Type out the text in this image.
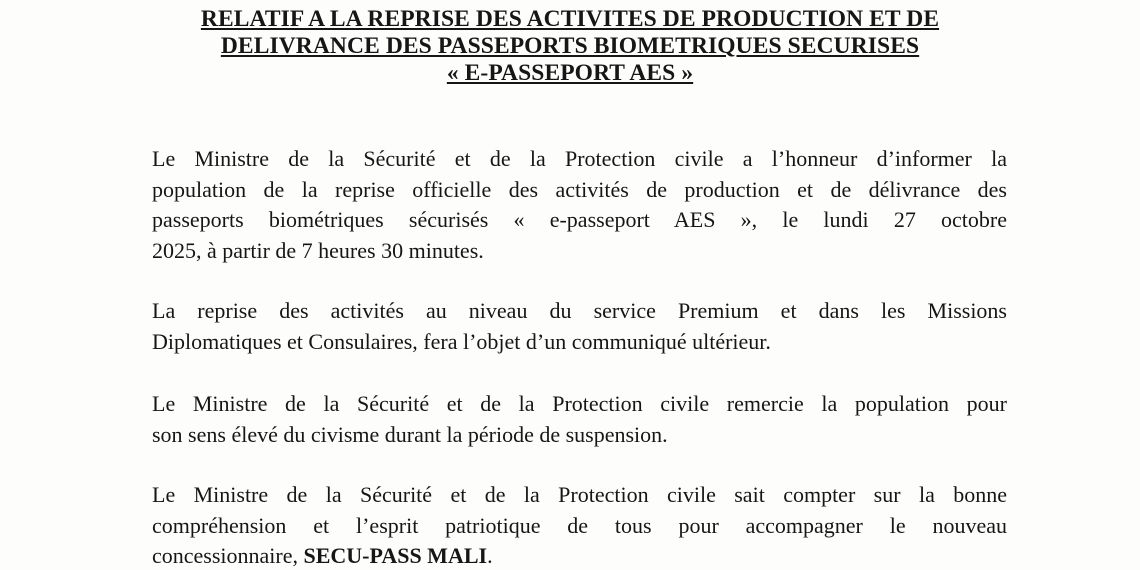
RELATIF A LA REPRISE DES ACTIVITES DE PRODUCTION ET DE
DELIVRANCE DES PASSEPORTS BIOMETRIQUES SECURISES
« E-PASSEPORT AES »

Le Ministre de la Sécurité et de la Protection civile a l’honneur d’informer la
population de la reprise officielle des activités de production et de délivrance des
passeports biométriques sécurisés « e-passeport AES », le lundi 27 octobre
2025, à partir de 7 heures 30 minutes.

La reprise des activités au niveau du service Premium et dans les Missions
Diplomatiques et Consulaires, fera l’objet d’un communiqué ultérieur.

Le Ministre de la Sécurité et de la Protection civile remercie la population pour
son sens élevé du civisme durant la période de suspension.

Le Ministre de la Sécurité et de la Protection civile sait compter sur la bonne
compréhension et l’esprit patriotique de tous pour accompagner le nouveau
concessionnaire, SECU-PASS MALI.
